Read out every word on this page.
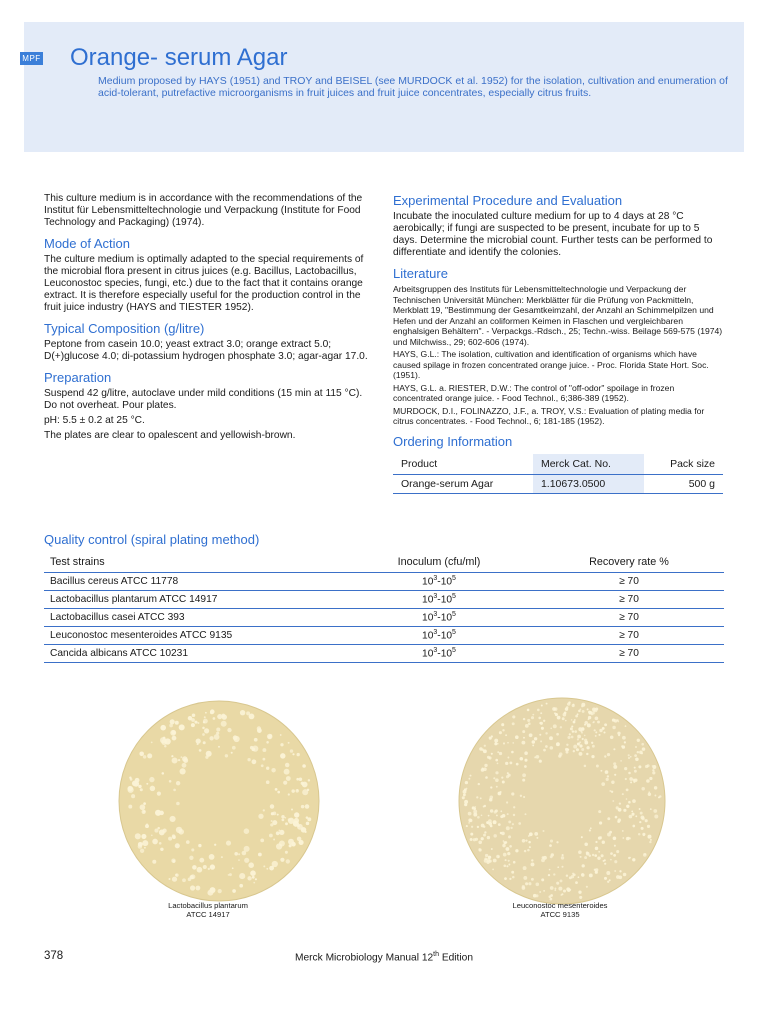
MPF Orange- serum Agar

Medium proposed by HAYS (1951) and TROY and BEISEL (see MURDOCK et al. 1952) for the isolation, cultivation and enumeration of acid-tolerant, putrefactive microorganisms in fruit juices and fruit juice concentrates, especially citrus fruits.

This culture medium is in accordance with the recommendations of the Institut für Lebensmitteltechnologie und Verpackung (Institute for Food Technology and Packaging) (1974).

Mode of Action

The culture medium is optimally adapted to the special requirements of the microbial flora present in citrus juices (e.g. Bacillus, Lactobacillus, Leuconostoc species, fungi, etc.) due to the fact that it contains orange extract. It is therefore especially useful for the production control in the fruit juice industry (HAYS and TIESTER 1952).

Typical Composition (g/litre)

Peptone from casein 10.0; yeast extract 3.0; orange extract 5.0; D(+)glucose 4.0; di-potassium hydrogen phosphate 3.0; agar-agar 17.0.

Preparation

Suspend 42 g/litre, autoclave under mild conditions (15 min at 115 °C). Do not overheat. Pour plates.

pH: 5.5 ± 0.2 at 25 °C.

The plates are clear to opalescent and yellowish-brown.

Experimental Procedure and Evaluation

Incubate the inoculated culture medium for up to 4 days at 28 °C aerobically; if fungi are suspected to be present, incubate for up to 5 days. Determine the microbial count. Further tests can be performed to differentiate and identify the colonies.

Literature

Arbeitsgruppen des Instituts für Lebensmitteltechnologie und Verpackung der Technischen Universität München: Merkblätter für die Prüfung von Packmitteln, Merkblatt 19, "Bestimmung der Gesamtkeimzahl, der Anzahl an Schimmelpilzen und Hefen und der Anzahl an coliformen Keimen in Flaschen und vergleichbaren enghalsigen Behältern". - Verpackgs.-Rdsch., 25; Techn.-wiss. Beilage 569-575 (1974) und Milchwiss., 29; 602-606 (1974).

HAYS, G.L.: The isolation, cultivation and identification of organisms which have caused spilage in frozen concentrated orange juice. - Proc. Florida State Hort. Soc. (1951).

HAYS, G.L. a. RIESTER, D.W.: The control of "off-odor" spoilage in frozen concentrated orange juice. - Food Technol., 6;386-389 (1952).

MURDOCK, D.I., FOLINAZZO, J.F., a. TROY, V.S.: Evaluation of plating media for citrus concentrates. - Food Technol., 6; 181-185 (1952).

Ordering Information
Product	Merck Cat. No.	Pack size
Orange-serum Agar	1.10673.0500	500 g
Quality control (spiral plating method)
Test strains	Inoculum (cfu/ml)	Recovery rate %
Bacillus cereus ATCC 11778	$10^3-10^5$	≥ 70
Lactobacillus plantarum ATCC 14917	$10^3-10^5$	≥ 70
Lactobacillus casei ATCC 393	$10^3-10^5$	≥ 70
Leuconostoc mesenteroides ATCC 9135	$10^3-10^5$	≥ 70
Cancida albicans ATCC 10231	$10^3-10^5$	≥ 70
Lactobacillus plantarum
ATCC 14917
Leuconostoc mesenteroides
ATCC 9135
378	Merck Microbiology Manual 12th Edition
